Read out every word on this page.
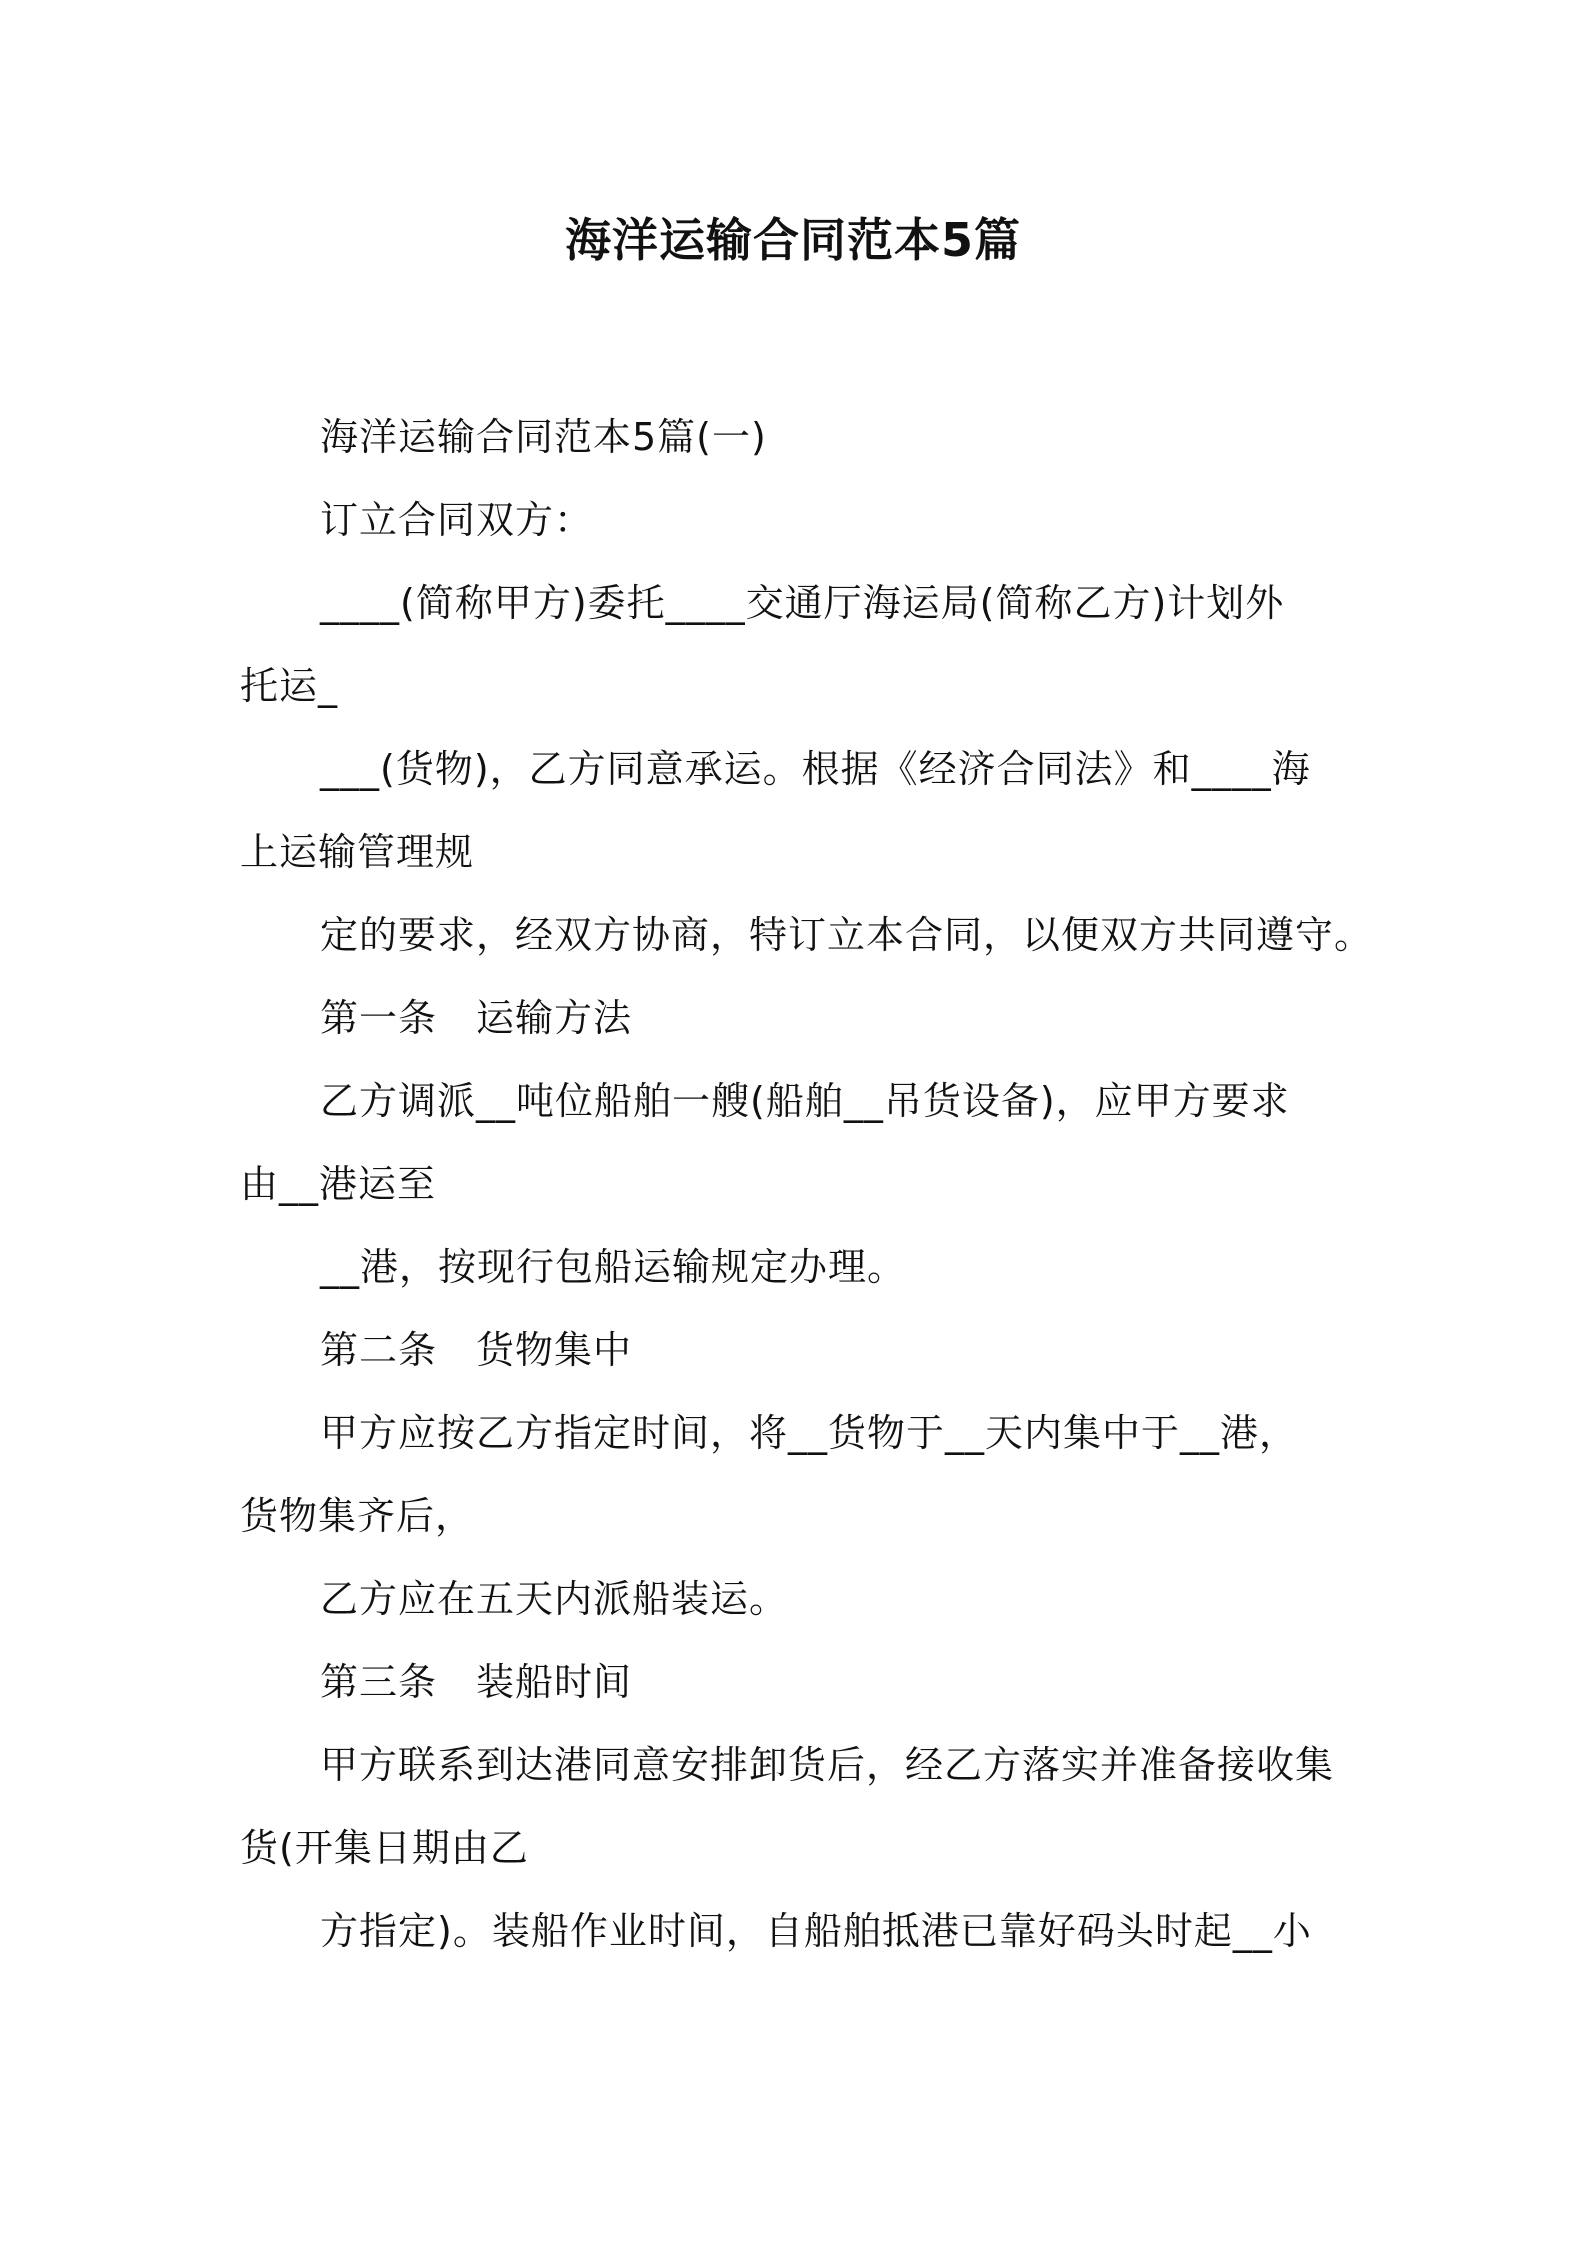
海洋运输合同范本5篇
海洋运输合同范本5篇(一)
订立合同双方：
____(简称甲方)委托____交通厅海运局(简称乙方)计划外
托运_
___(货物)，乙方同意承运。根据《经济合同法》和____海
上运输管理规
定的要求，经双方协商，特订立本合同，以便双方共同遵守。
第一条　运输方法
乙方调派__吨位船舶一艘(船舶__吊货设备)，应甲方要求
由__港运至
__港，按现行包船运输规定办理。
第二条　货物集中
甲方应按乙方指定时间，将__货物于__天内集中于__港，
货物集齐后，
乙方应在五天内派船装运。
第三条　装船时间
甲方联系到达港同意安排卸货后，经乙方落实并准备接收集
货(开集日期由乙
方指定)。装船作业时间，自船舶抵港已靠好码头时起__小
